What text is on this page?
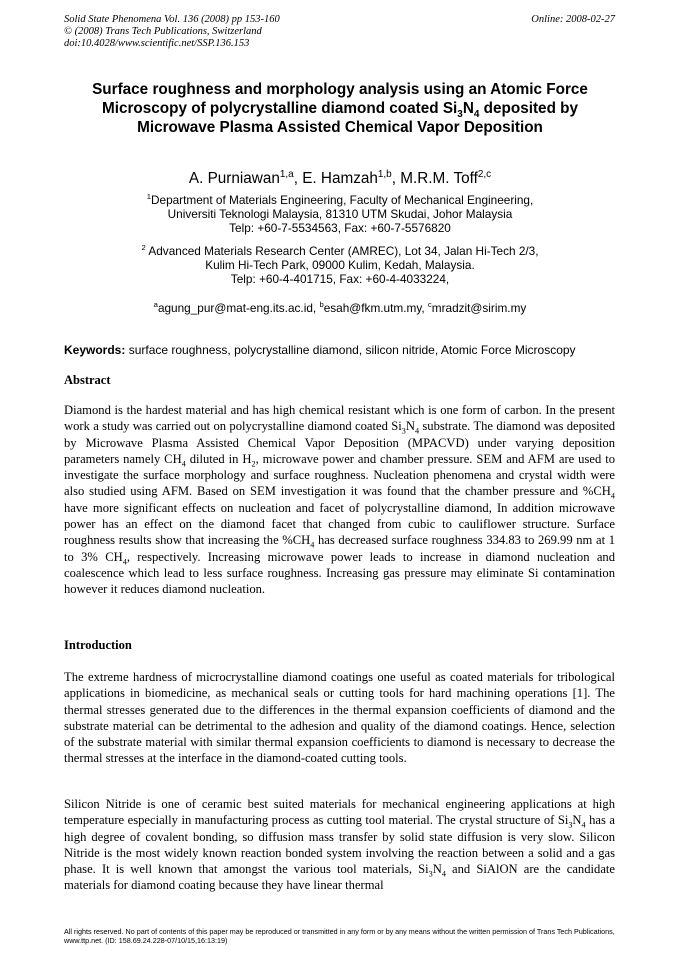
Solid State Phenomena Vol. 136 (2008) pp 153-160
© (2008) Trans Tech Publications, Switzerland
doi:10.4028/www.scientific.net/SSP.136.153
Online: 2008-02-27
Surface roughness and morphology analysis using an Atomic Force
Microscopy of polycrystalline diamond coated $Si_3N_4$ deposited by
Microwave Plasma Assisted Chemical Vapor Deposition
A. Purniawan$^{1,a}$, E. Hamzah$^{1,b}$, M.R.M. Toff$^{2,c}$
$^1$Department of Materials Engineering, Faculty of Mechanical Engineering,
Universiti Teknologi Malaysia, 81310 UTM Skudai, Johor Malaysia
Telp: +60-7-5534563, Fax: +60-7-5576820
$^2$ Advanced Materials Research Center (AMREC), Lot 34, Jalan Hi-Tech 2/3,
Kulim Hi-Tech Park, 09000 Kulim, Kedah, Malaysia.
Telp: +60-4-401715, Fax: +60-4-4033224,
$^a$agung_pur@mat-eng.its.ac.id, $^b$esah@fkm.utm.my, $^c$mradzit@sirim.my
Keywords: surface roughness, polycrystalline diamond, silicon nitride, Atomic Force Microscopy
Abstract
Diamond is the hardest material and has high chemical resistant which is one form of carbon. In the present work a study was carried out on polycrystalline diamond coated $Si_3N_4$ substrate. The diamond was deposited by Microwave Plasma Assisted Chemical Vapor Deposition (MPACVD) under varying deposition parameters namely $CH_4$ diluted in $H_2$, microwave power and chamber pressure. SEM and AFM are used to investigate the surface morphology and surface roughness. Nucleation phenomena and crystal width were also studied using AFM. Based on SEM investigation it was found that the chamber pressure and $\%CH_4$ have more significant effects on nucleation and facet of polycrystalline diamond, In addition microwave power has an effect on the diamond facet that changed from cubic to cauliflower structure. Surface roughness results show that increasing the $\%CH_4$ has decreased surface roughness 334.83 to 269.99 nm at 1 to 3% $CH_4$, respectively. Increasing microwave power leads to increase in diamond nucleation and coalescence which lead to less surface roughness. Increasing gas pressure may eliminate Si contamination however it reduces diamond nucleation.
Introduction
The extreme hardness of microcrystalline diamond coatings one useful as coated materials for tribological applications in biomedicine, as mechanical seals or cutting tools for hard machining operations [1]. The thermal stresses generated due to the differences in the thermal expansion coefficients of diamond and the substrate material can be detrimental to the adhesion and quality of the diamond coatings. Hence, selection of the substrate material with similar thermal expansion coefficients to diamond is necessary to decrease the thermal stresses at the interface in the diamond-coated cutting tools.
Silicon Nitride is one of ceramic best suited materials for mechanical engineering applications at high temperature especially in manufacturing process as cutting tool material. The crystal structure of $Si_3N_4$ has a high degree of covalent bonding, so diffusion mass transfer by solid state diffusion is very slow. Silicon Nitride is the most widely known reaction bonded system involving the reaction between a solid and a gas phase. It is well known that amongst the various tool materials, $Si_3N_4$ and SiAlON are the candidate materials for diamond coating because they have linear thermal
All rights reserved. No part of contents of this paper may be reproduced or transmitted in any form or by any means without the written permission of Trans Tech Publications, www.ttp.net. (ID: 158.69.24.228-07/10/15,16:13:19)
